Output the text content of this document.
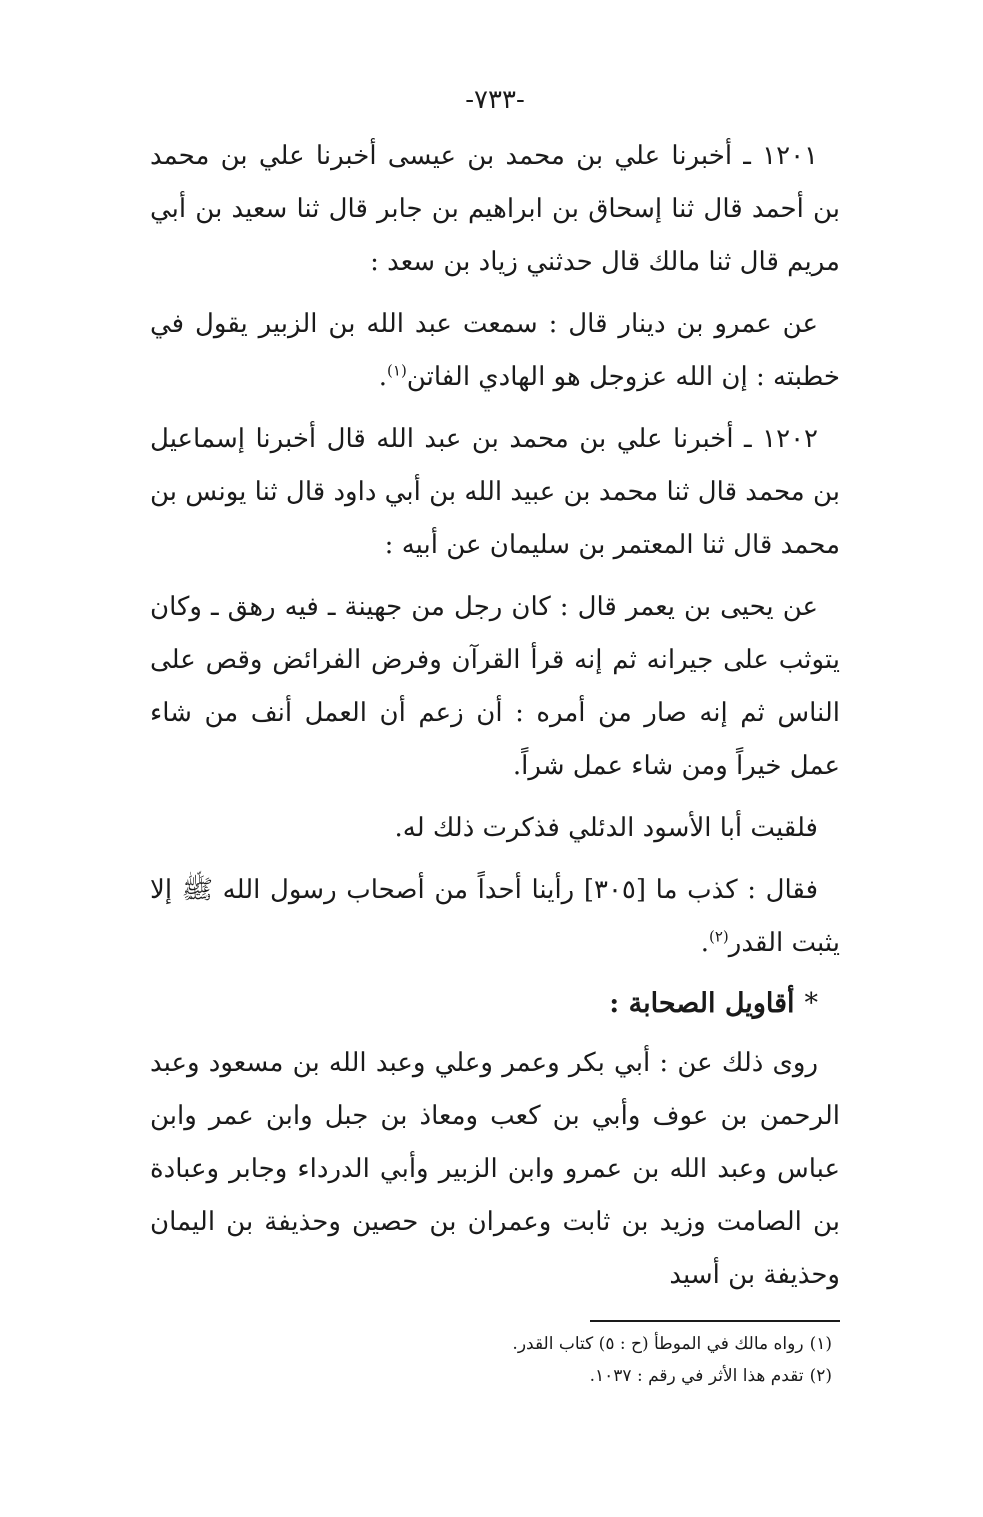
-٧٣٣-

١٢٠١ ـ أخبرنا علي بن محمد بن عيسى أخبرنا علي بن محمد بن أحمد قال ثنا إسحاق بن ابراهيم بن جابر قال ثنا سعيد بن أبي مريم قال ثنا مالك قال حدثني زياد بن سعد :

عن عمرو بن دينار قال : سمعت عبد الله بن الزبير يقول في خطبته : إن الله عزوجل هو الهادي الفاتن$^{(١)}$.

١٢٠٢ ـ أخبرنا علي بن محمد بن عبد الله قال أخبرنا إسماعيل بن محمد قال ثنا محمد بن عبيد الله بن أبي داود قال ثنا يونس بن محمد قال ثنا المعتمر بن سليمان عن أبيه :

عن يحيى بن يعمر قال : كان رجل من جهينة ـ فيه رهق ـ وكان يتوثب على جيرانه ثم إنه قرأ القرآن وفرض الفرائض وقص على الناس ثم إنه صار من أمره : أن زعم أن العمل أنف من شاء عمل خيراً ومن شاء عمل شراً.

فلقيت أبا الأسود الدئلي فذكرت ذلك له.

فقال : كذب ما [٣٠٥] رأينا أحداً من أصحاب رسول الله ﷺ إلا يثبت القدر$^{(٢)}$.

*أقاويل الصحابة :

روى ذلك عن : أبي بكر وعمر وعلي وعبد الله بن مسعود وعبد الرحمن بن عوف وأبي بن كعب ومعاذ بن جبل وابن عمر وابن عباس وعبد الله بن عمرو وابن الزبير وأبي الدرداء وجابر وعبادة بن الصامت وزيد بن ثابت وعمران بن حصين وحذيفة بن اليمان وحذيفة بن أسيد

(١)رواه مالك في الموطأ (ح : ٥) كتاب القدر.

(٢)تقدم هذا الأثر في رقم : ١٠٣٧.
